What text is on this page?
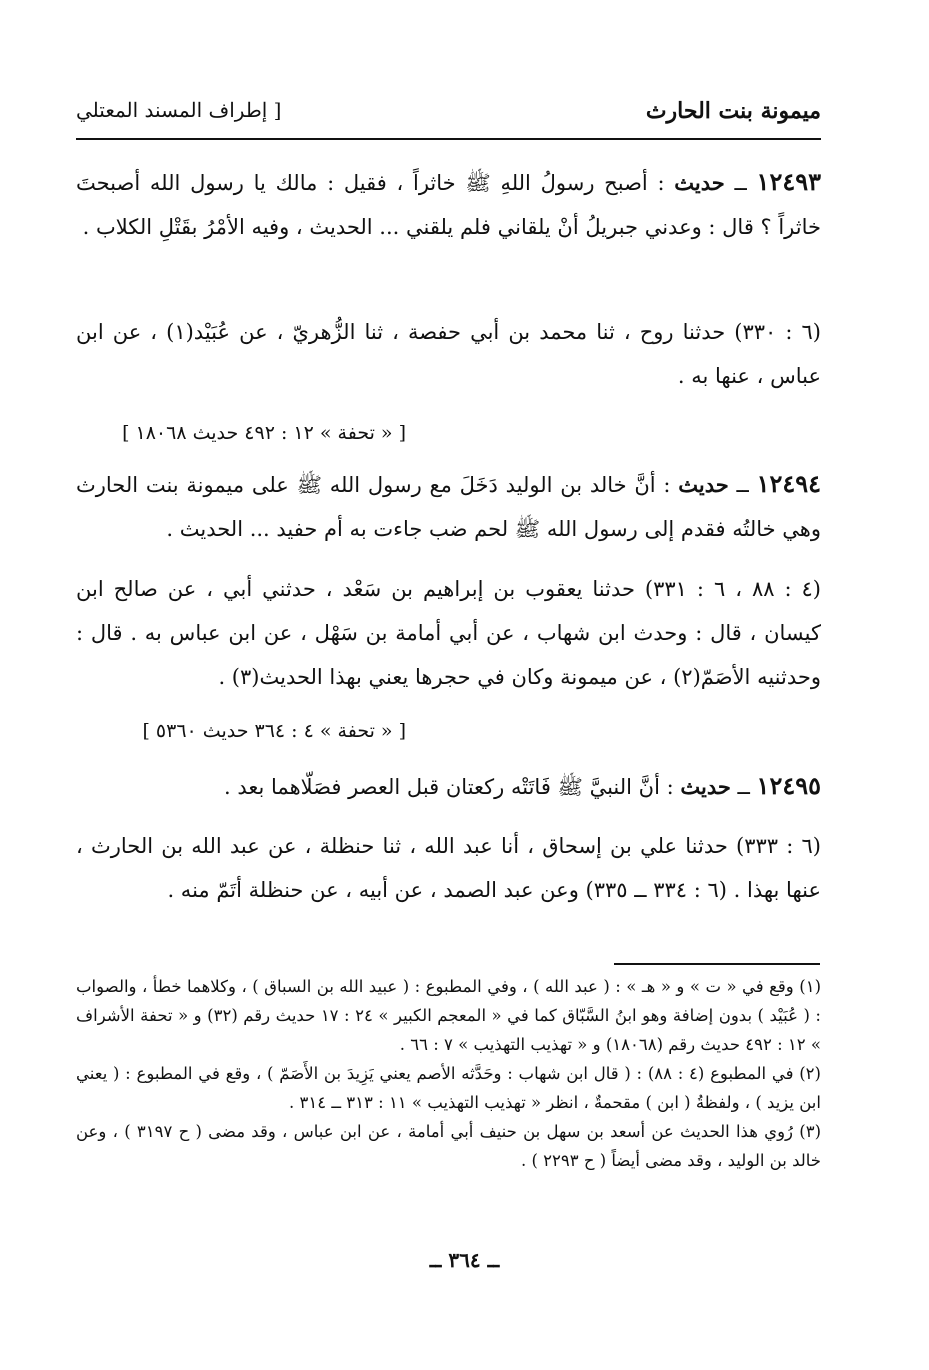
ميمونة بنت الحارث
[ إطراف المسند المعتلي
١٢٤٩٣ ــ حديث : أصبح رسولُ اللهِ ﷺ خاثراً ، فقيل : مالك يا رسول الله أصبحتَ خاثراً ؟ قال : وعدني جبريلُ أنْ يلقاني فلم يلقني ... الحديث ، وفيه الأمْرُ بقَتْلِ الكلاب .
(٦ : ٣٣٠) حدثنا روح ، ثنا محمد بن أبي حفصة ، ثنا الزُّهريّ ، عن عُبَيْد(١) ، عن ابن عباس ، عنها به .
[ « تحفة » ١٢ : ٤٩٢ حديث ١٨٠٦٨ ]
١٢٤٩٤ ــ حديث : أنَّ خالد بن الوليد دَخَلَ مع رسول الله ﷺ على ميمونة بنت الحارث وهي خالتُه فقدم إلى رسول الله ﷺ لحم ضب جاءت به أم حفيد ... الحديث .
(٤ : ٨٨ ، ٦ : ٣٣١) حدثنا يعقوب بن إبراهيم بن سَعْد ، حدثني أبي ، عن صالح ابن كيسان ، قال : وحدث ابن شهاب ، عن أبي أمامة بن سَهْل ، عن ابن عباس به . قال : وحدثنيه الأصَمّ(٢) ، عن ميمونة وكان في حجرها يعني بهذا الحديث(٣) .
[ « تحفة » ٤ : ٣٦٤ حديث ٥٣٦٠ ]
١٢٤٩٥ ــ حديث : أنَّ النبيَّ ﷺ فَاتَتْه ركعتان قبل العصر فصَلّاهما بعد .
(٦ : ٣٣٣) حدثنا علي بن إسحاق ، أنا عبد الله ، ثنا حنظلة ، عن عبد الله بن الحارث ، عنها بهذا . (٦ : ٣٣٤ ــ ٣٣٥) وعن عبد الصمد ، عن أبيه ، عن حنظلة أتَمّ منه .

(١) وقع في « ت » و « هـ » : ( عبد الله ) ، وفي المطبوع : ( عبيد الله بن السباق ) ، وكلاهما خطأ ، والصواب : ( عُبَيْد ) بدون إضافة وهو ابنُ السَّبّاق كما في « المعجم الكبير » ٢٤ : ١٧ حديث رقم (٣٢) و « تحفة الأشراف » ١٢ : ٤٩٢ حديث رقم (١٨٠٦٨) و « تهذيب التهذيب » ٧ : ٦٦ .

(٢) في المطبوع (٤ : ٨٨) : ( قال ابن شهاب : وحَدَّثه الأصم يعني يَزِيدَ بن الأَصَمّ ) ، وقع في المطبوع : ( يعني ابن يزيد ) ، ولفظةُ ( ابن ) مقحمةٌ ، انظر « تهذيب التهذيب » ١١ : ٣١٣ ــ ٣١٤ .

(٣) رُوي هذا الحديث عن أسعد بن سهل بن حنيف أبي أمامة ، عن ابن عباس ، وقد مضى ( ح ٣١٩٧ ) ، وعن خالد بن الوليد ، وقد مضى أيضاً ( ح ٢٢٩٣ ) .

ــ ٣٦٤ ــ
